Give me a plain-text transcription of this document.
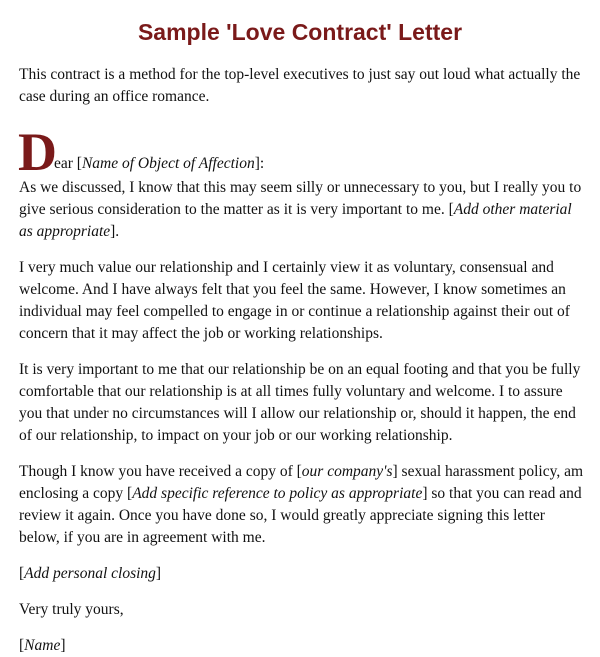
Sample 'Love Contract' Letter

This contract is a method for the top-level executives to just say out loud what actually the case during an office romance.

D
ear [Name of Object of Affection]:

As we discussed, I know that this may seem silly or unnecessary to you, but I really you to give serious consideration to the matter as it is very important to me. [Add other material as appropriate].

I very much value our relationship and I certainly view it as voluntary, consensual and welcome. And I have always felt that you feel the same. However, I know sometimes an individual may feel compelled to engage in or continue a relationship against their out of concern that it may affect the job or working relationships.

It is very important to me that our relationship be on an equal footing and that you be fully comfortable that our relationship is at all times fully voluntary and welcome. I to assure you that under no circumstances will I allow our relationship or, should it happen, the end of our relationship, to impact on your job or our working relationship.

Though I know you have received a copy of [our company's] sexual harassment policy, am enclosing a copy [Add specific reference to policy as appropriate] so that you can read and review it again. Once you have done so, I would greatly appreciate signing this letter below, if you are in agreement with me.

[Add personal closing]

Very truly yours,

[Name]
